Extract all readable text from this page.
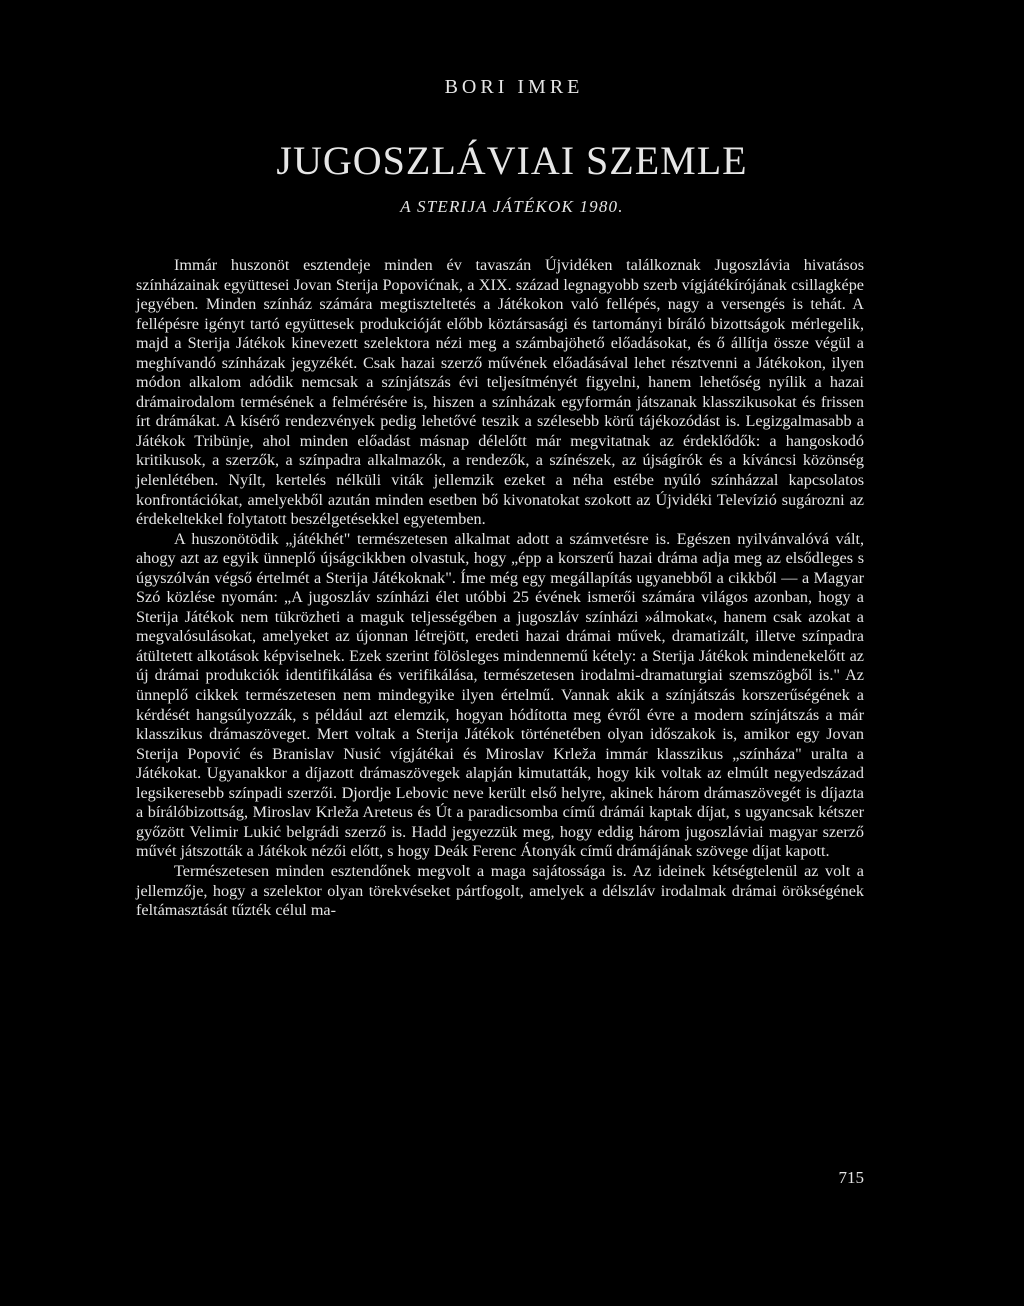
BORI IMRE
JUGOSZLÁVIAI SZEMLE
A STERIJA JÁTÉKOK 1980.

Immár huszonöt esztendeje minden év tavaszán Újvidéken találkoznak Jugoszlávia hivatásos színházainak együttesei Jovan Sterija Popovićnak, a XIX. század legnagyobb szerb vígjátékírójának csillagképe jegyében. Minden színház számára megtiszteltetés a Játékokon való fellépés, nagy a versengés is tehát. A fellépésre igényt tartó együttesek produkcióját előbb köztársasági és tartományi bíráló bizottságok mérlegelik, majd a Sterija Játékok kinevezett szelektora nézi meg a számbajöhető előadásokat, és ő állítja össze végül a meghívandó színházak jegyzékét. Csak hazai szerző művének előadásával lehet résztvenni a Játékokon, ilyen módon alkalom adódik nemcsak a színjátszás évi teljesítményét figyelni, hanem lehetőség nyílik a hazai drámairodalom termésének a felmérésére is, hiszen a színházak egyformán játszanak klasszikusokat és frissen írt drámákat. A kísérő rendezvények pedig lehetővé teszik a szélesebb körű tájékozódást is. Legizgalmasabb a Játékok Tribünje, ahol minden előadást másnap délelőtt már megvitatnak az érdeklődők: a hangoskodó kritikusok, a szerzők, a színpadra alkalmazók, a rendezők, a színészek, az újságírók és a kíváncsi közönség jelenlétében. Nyílt, kertelés nélküli viták jellemzik ezeket a néha estébe nyúló színházzal kapcsolatos konfrontációkat, amelyekből azután minden esetben bő kivonatokat szokott az Újvidéki Televízió sugározni az érdekeltekkel folytatott beszélgetésekkel egyetemben.

A huszonötödik „játékhét" természetesen alkalmat adott a számvetésre is. Egészen nyilvánvalóvá vált, ahogy azt az egyik ünneplő újságcikkben olvastuk, hogy „épp a korszerű hazai dráma adja meg az elsődleges s úgyszólván végső értelmét a Sterija Játékoknak". Íme még egy megállapítás ugyanebből a cikkből — a Magyar Szó közlése nyomán: „A jugoszláv színházi élet utóbbi 25 évének ismerői számára világos azonban, hogy a Sterija Játékok nem tükrözheti a maguk teljességében a jugoszláv színházi »álmokat«, hanem csak azokat a megvalósulásokat, amelyeket az újonnan létrejött, eredeti hazai drámai művek, dramatizált, illetve színpadra átültetett alkotások képviselnek. Ezek szerint fölösleges mindennemű kétely: a Sterija Játékok mindenekelőtt az új drámai produkciók identifikálása és verifikálása, természetesen irodalmi-dramaturgiai szemszögből is." Az ünneplő cikkek természetesen nem mindegyike ilyen értelmű. Vannak akik a színjátszás korszerűségének a kérdését hangsúlyozzák, s például azt elemzik, hogyan hódította meg évről évre a modern színjátszás a már klasszikus drámaszöveget. Mert voltak a Sterija Játékok történetében olyan időszakok is, amikor egy Jovan Sterija Popović és Branislav Nusić vígjátékai és Miroslav Krleža immár klasszikus „színháza" uralta a Játékokat. Ugyanakkor a díjazott drámaszövegek alapján kimutatták, hogy kik voltak az elmúlt negyedszázad legsikeresebb színpadi szerzői. Djordje Lebovic neve került első helyre, akinek három drámaszövegét is díjazta a bírálóbizottság, Miroslav Krleža Areteus és Út a paradicsomba című drámái kaptak díjat, s ugyancsak kétszer győzött Velimir Lukić belgrádi szerző is. Hadd jegyezzük meg, hogy eddig három jugoszláviai magyar szerző művét játszották a Játékok nézői előtt, s hogy Deák Ferenc Átonyák című drámájának szövege díjat kapott.

Természetesen minden esztendőnek megvolt a maga sajátossága is. Az ideinek kétségtelenül az volt a jellemzője, hogy a szelektor olyan törekvéseket pártfogolt, amelyek a délszláv irodalmak drámai örökségének feltámasztását tűzték célul ma-

715
